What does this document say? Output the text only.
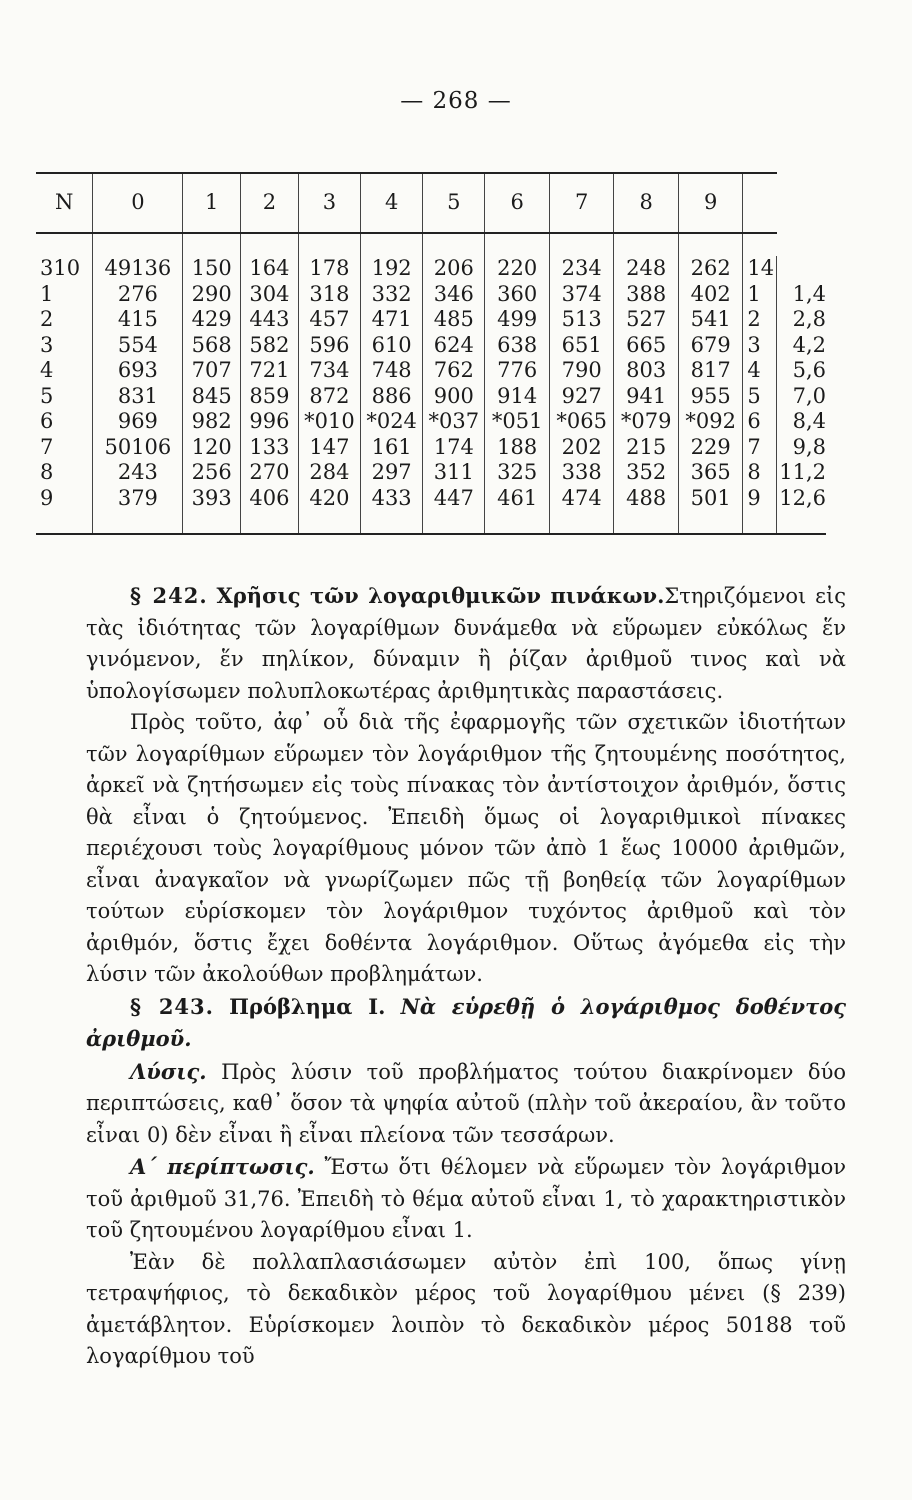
— 268 —
N	0	1	2	3	4	5	6	7	8	9		

310	49136	150	164	178	192	206	220	234	248	262	14	
1	276	290	304	318	332	346	360	374	388	402	1	1,4
2	415	429	443	457	471	485	499	513	527	541	2	2,8
3	554	568	582	596	610	624	638	651	665	679	3	4,2
4	693	707	721	734	748	762	776	790	803	817	4	5,6
5	831	845	859	872	886	900	914	927	941	955	5	7,0
6	969	982	996	*010	*024	*037	*051	*065	*079	*092	6	8,4
7	50106	120	133	147	161	174	188	202	215	229	7	9,8
8	243	256	270	284	297	311	325	338	352	365	8	11,2
9	379	393	406	420	433	447	461	474	488	501	9	12,6

§ 242. Χρῆσις τῶν λογαριθμικῶν πινάκων.Στηριζόμενοι εἰς τὰς ἰδιότητας τῶν λογαρίθμων δυνάμεθα νὰ εὕρωμεν εὐκόλως ἕν γινόμενον, ἕν πηλίκον, δύναμιν ἢ ῥίζαν ἀριθμοῦ τινος καὶ νὰ ὑπολογίσωμεν πολυπλοκωτέρας ἀριθμητικὰς παραστάσεις.

Πρὸς τοῦτο, ἀφ᾽ οὗ διὰ τῆς ἐφαρμογῆς τῶν σχετικῶν ἰδιοτήτων τῶν λογαρίθμων εὕρωμεν τὸν λογάριθμον τῆς ζητουμένης ποσότητος, ἀρκεῖ νὰ ζητήσωμεν εἰς τοὺς πίνακας τὸν ἀντίστοιχον ἀριθμόν, ὅστις θὰ εἶναι ὁ ζητούμενος. Ἐπειδὴ ὅμως οἱ λογαριθμικοὶ πίνακες περιέχουσι τοὺς λογαρίθμους μόνον τῶν ἀπὸ 1 ἕως 10000 ἀριθμῶν, εἶναι ἀναγκαῖον νὰ γνωρίζωμεν πῶς τῇ βοηθείᾳ τῶν λογαρίθμων τούτων εὑρίσκομεν τὸν λογάριθμον τυχόντος ἀριθμοῦ καὶ τὸν ἀριθμόν, ὅστις ἔχει δοθέντα λογάριθμον. Οὕτως ἀγόμεθα εἰς τὴν λύσιν τῶν ἀκολούθων προβλημάτων.

§ 243. Πρόβλημα I. Νὰ εὑρεθῇ ὁ λογάριθμος δοθέντος ἀριθμοῦ.

Λύσις. Πρὸς λύσιν τοῦ προβλήματος τούτου διακρίνομεν δύο περιπτώσεις, καθ᾽ ὅσον τὰ ψηφία αὐτοῦ (πλὴν τοῦ ἀκεραίου, ἂν τοῦτο εἶναι 0) δὲν εἶναι ἢ εἶναι πλείονα τῶν τεσσάρων.

Α΄ περίπτωσις. Ἔστω ὅτι θέλομεν νὰ εὕρωμεν τὸν λογάριθμον τοῦ ἀριθμοῦ 31,76. Ἐπειδὴ τὸ θέμα αὐτοῦ εἶναι 1, τὸ χαρακτηριστικὸν τοῦ ζητουμένου λογαρίθμου εἶναι 1.

Ἐὰν δὲ πολλαπλασιάσωμεν αὐτὸν ἐπὶ 100, ὅπως γίνῃ τετραψήφιος, τὸ δεκαδικὸν μέρος τοῦ λογαρίθμου μένει (§ 239) ἀμετάβλητον. Εὑρίσκομεν λοιπὸν τὸ δεκαδικὸν μέρος 50188 τοῦ λογαρίθμου τοῦ
